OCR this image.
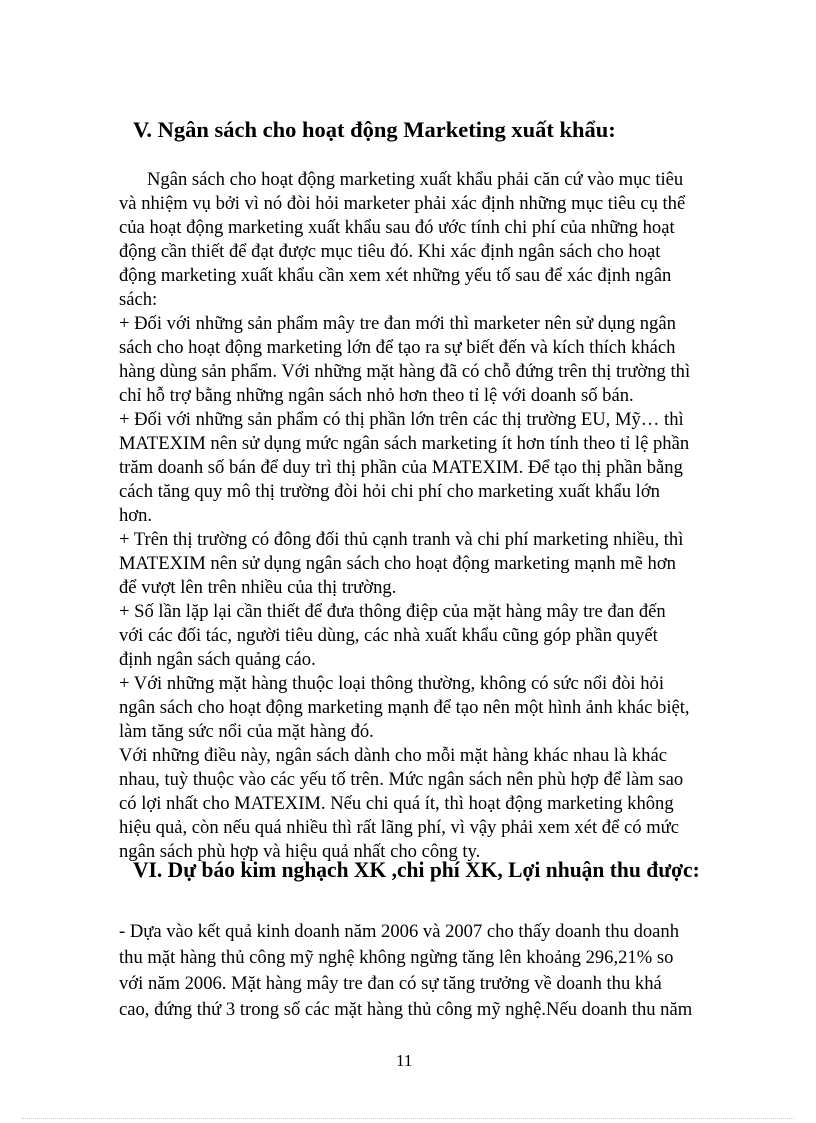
V. Ngân sách cho hoạt động Marketing xuất khẩu:

Ngân sách cho hoạt động marketing xuất khẩu phải căn cứ vào mục tiêu

và nhiệm vụ bởi vì nó đòi hỏi marketer phải xác định những mục tiêu cụ thể

của hoạt động marketing xuất khẩu sau đó ước tính chi phí của những hoạt

động cần thiết để đạt được mục tiêu đó. Khi xác định ngân sách cho hoạt

động marketing xuất khẩu cần xem xét những yếu tố sau để xác định ngân

sách:

+ Đối với những sản phẩm mây tre đan mới thì marketer nên sử dụng ngân

sách cho hoạt động marketing lớn để tạo ra sự biết đến và kích thích khách

hàng dùng sản phẩm. Với những mặt hàng đã có chỗ đứng trên thị trường thì

chỉ hỗ trợ bằng những ngân sách nhỏ hơn theo tỉ lệ với doanh số bán.

+ Đối với những sản phẩm có thị phần lớn trên các thị trường EU, Mỹ… thì

MATEXIM nên sử dụng mức ngân sách marketing ít hơn tính theo tỉ lệ phần

trăm doanh số bán để duy trì thị phần của MATEXIM. Để tạo thị phần bằng

cách tăng quy mô thị trường đòi hỏi chi phí cho marketing xuất khẩu lớn

hơn.

+ Trên thị trường có đông đối thủ cạnh tranh và chi phí marketing nhiều, thì

MATEXIM nên sử dụng ngân sách cho hoạt động marketing mạnh mẽ hơn

để vượt lên trên nhiều của thị trường.

+ Số lần lặp lại cần thiết để đưa thông điệp của mặt hàng mây tre đan đến

với các đối tác, người tiêu dùng, các nhà xuất khẩu cũng góp phần quyết

định ngân sách quảng cáo.

+ Với những mặt hàng thuộc loại thông thường, không có sức nổi đòi hỏi

ngân sách cho hoạt động marketing mạnh để tạo nên một hình ảnh khác biệt,

làm tăng sức nổi của mặt hàng đó.

Với những điều này, ngân sách dành cho mỗi mặt hàng khác nhau là khác

nhau, tuỳ thuộc vào các yếu tố trên. Mức ngân sách nên phù hợp để làm sao

có lợi nhất cho MATEXIM. Nếu chi quá ít, thì hoạt động marketing không

hiệu quả, còn nếu quá nhiều thì rất lãng phí, vì vậy phải xem xét để có mức

ngân sách phù hợp và hiệu quả nhất cho công ty.

VI. Dự báo kim nghạch XK ,chi phí XK, Lợi nhuận thu được:

- Dựa vào kết quả kinh doanh năm 2006 và 2007 cho thấy doanh thu doanh

thu mặt hàng thủ công mỹ nghệ không ngừng tăng lên khoảng 296,21% so

với năm 2006. Mặt hàng mây tre đan có sự tăng trưởng về doanh thu khá

cao, đứng thứ 3 trong số các mặt hàng thủ công mỹ nghệ.Nếu doanh thu năm

11
